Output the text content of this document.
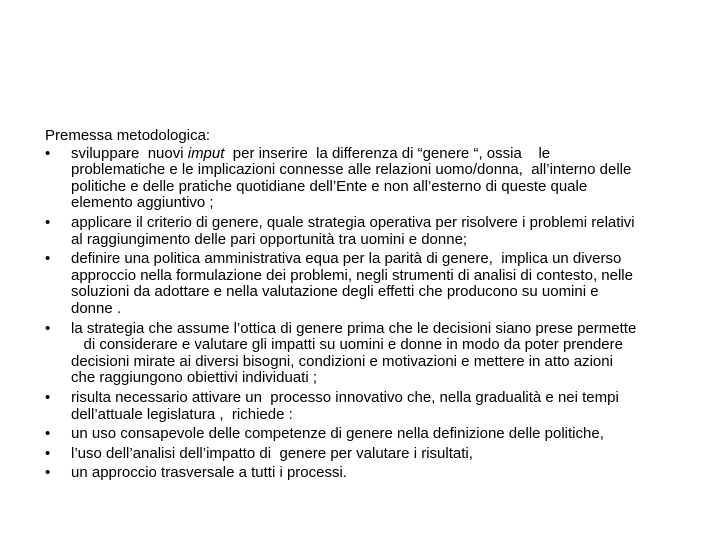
Premessa metodologica:
•	sviluppare  nuovi imput  per inserire  la differenza di “genere “, ossia    le
problematiche e le implicazioni connesse alle relazioni uomo/donna,  all’interno delle
politiche e delle pratiche quotidiane dell’Ente e non all’esterno di queste quale
elemento aggiuntivo ;
•	applicare il criterio di genere, quale strategia operativa per risolvere i problemi relativi
al raggiungimento delle pari opportunità tra uomini e donne;
•	definire una politica amministrativa equa per la parità di genere,  implica un diverso
approccio nella formulazione dei problemi, negli strumenti di analisi di contesto, nelle
soluzioni da adottare e nella valutazione degli effetti che producono su uomini e
donne .
•	la strategia che assume l’ottica di genere prima che le decisioni siano prese permette
di considerare e valutare gli impatti su uomini e donne in modo da poter prendere
decisioni mirate ai diversi bisogni, condizioni e motivazioni e mettere in atto azioni
che raggiungono obiettivi individuati ;
•	risulta necessario attivare un  processo innovativo che, nella gradualità e nei tempi
dell’attuale legislatura ,  richiede :
•	un uso consapevole delle competenze di genere nella definizione delle politiche,
•	l’uso dell’analisi dell’impatto di  genere per valutare i risultati,
•	un approccio trasversale a tutti i processi.
